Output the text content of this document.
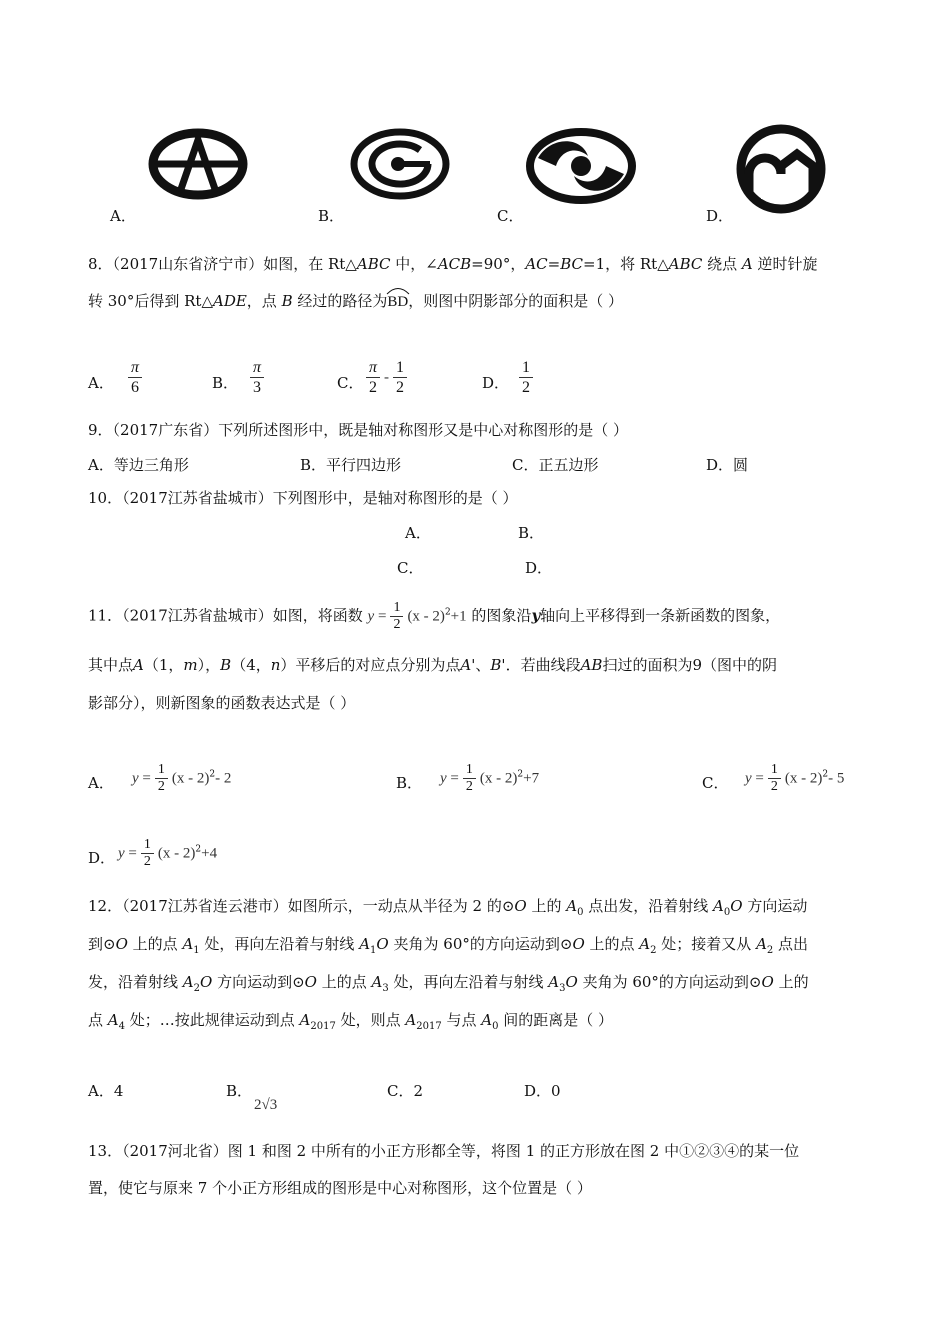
A．	B．	C．	D．
8．（2017山东省济宁市）如图，在 Rt△ABC 中，∠ACB=90°，AC=BC=1，将 Rt△ABC 绕点 A 逆时针旋
转 30°后得到 Rt△ADE，点 B 经过的路径为
BD，则图中阴影部分的面积是（ ）
A． $\frac{\pi}{6}$	B． $\frac{\pi}{3}$	C． $\frac{\pi}{2} - \frac{1}{2}$	D． $\frac{1}{2}$
9．（2017广东省）下列所述图形中，既是轴对称图形又是中心对称图形的是（ ）
A．等边三角形	B．平行四边形	C．正五边形	D．圆
10．（2017江苏省盐城市）下列图形中，是轴对称图形的是（ ）
A．	B．
C．	D．
11．（2017江苏省盐城市）如图，将函数 $y = \frac{1}{2} (x - 2)^2+1$ 的图象沿y轴向上平移得到一条新函数的图象，
其中点A（1，m），B（4，n）平移后的对应点分别为点A'、B'．若曲线段AB扫过的面积为9（图中的阴
影部分），则新图象的函数表达式是（ ）
A． $y = \frac{1}{2} (x - 2)^2-$ 2	B． $y = \frac{1}{2} (x - 2)^2+7$	C． $y = \frac{1}{2} (x - 2)^2-$ 5
D． $y = \frac{1}{2} (x - 2)^2+4$
12．（2017江苏省连云港市）如图所示，一动点从半径为 2 的⊙O 上的 $A_0$ 点出发，沿着射线 $A_0O$ 方向运动
到⊙O 上的点 $A_1$ 处，再向左沿着与射线 $A_1O$ 夹角为 60°的方向运动到⊙O 上的点 $A_2$ 处；接着又从 $A_2$ 点出
发，沿着射线 $A_2O$ 方向运动到⊙O 上的点 $A_3$ 处，再向左沿着与射线 $A_3O$ 夹角为 60°的方向运动到⊙O 上的
点 $A_4$ 处；…按此规律运动到点 $A_{2017}$ 处，则点 $A_{2017}$ 与点 $A_0$ 间的距离是（ ）
A．4	B．
2√3
C．2	D．0
13．（2017河北省）图 1 和图 2 中所有的小正方形都全等，将图 1 的正方形放在图 2 中①②③④的某一位
置，使它与原来 7 个小正方形组成的图形是中心对称图形，这个位置是（ ）
